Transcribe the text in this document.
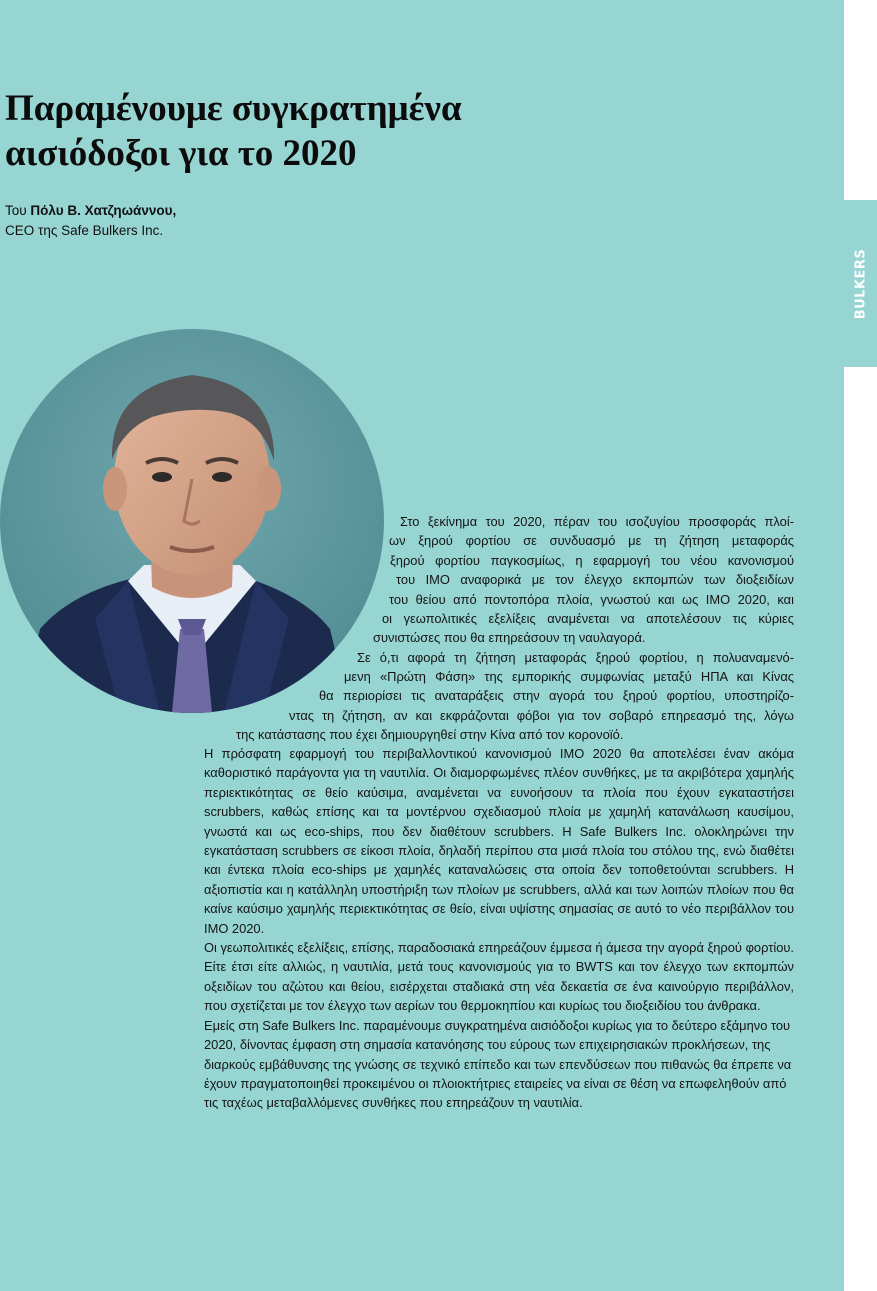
BULKERS
Παραμένουμε συγκρατημένα
αισιόδοξοι για το 2020
Του Πόλυ Β. Χατζηωάννου,
CEO της Safe Bulkers Inc.
Στο ξεκίνημα του 2020, πέραν του ισοζυγίου προσφοράς πλοί-
ων ξηρού φορτίου σε συνδυασμό με τη ζήτηση μεταφοράς
ξηρού φορτίου παγκοσμίως, η εφαρμογή του νέου κανονισμού
του ΙΜΟ αναφορικά με τον έλεγχο εκπομπών των διοξειδίων
του θείου από ποντοπόρα πλοία, γνωστού και ως ΙΜΟ 2020, και
οι γεωπολιτικές εξελίξεις αναμένεται να αποτελέσουν τις κύριες
συνιστώσες που θα επηρεάσουν τη ναυλαγορά.
Σε ό,τι αφορά τη ζήτηση μεταφοράς ξηρού φορτίου, η πολυαναμενό-
μενη «Πρώτη Φάση» της εμπορικής συμφωνίας μεταξύ ΗΠΑ και Κίνας
θα περιορίσει τις αναταράξεις στην αγορά του ξηρού φορτίου, υποστηρίζο-
ντας τη ζήτηση, αν και εκφράζονται φόβοι για τον σοβαρό επηρεασμό της, λόγω
της κατάστασης που έχει δημιουργηθεί στην Κίνα από τον κορονοϊό.

Η πρόσφατη εφαρμογή του περιβαλλοντικού κανονισμού IMO 2020 θα αποτελέσει έναν ακόμα καθοριστικό παράγοντα για τη ναυτιλία. Οι διαμορφωμένες πλέον συνθήκες, με τα ακριβότερα χαμηλής περιεκτικότητας σε θείο καύσιμα, αναμένεται να ευνοήσουν τα πλοία που έχουν εγκαταστήσει scrubbers, καθώς επίσης και τα μοντέρνου σχεδιασμού πλοία με χαμηλή κατανάλωση καυσίμου, γνωστά και ως eco-ships, που δεν διαθέτουν scrubbers. Η Safe Bulkers Inc. ολοκληρώνει την εγκατάσταση scrubbers σε είκοσι πλοία, δηλαδή περίπου στα μισά πλοία του στόλου της, ενώ διαθέτει και έντεκα πλοία eco-ships με χαμηλές καταναλώσεις στα οποία δεν τοποθετούνται scrubbers. Η αξιοπιστία και η κατάλληλη υποστήριξη των πλοίων με scrubbers, αλλά και των λοιπών πλοίων που θα καίνε καύσιμο χαμηλής περιεκτικότητας σε θείο, είναι υψίστης σημασίας σε αυτό το νέο περιβάλλον του IMO 2020.

Οι γεωπολιτικές εξελίξεις, επίσης, παραδοσιακά επηρεάζουν έμμεσα ή άμεσα την αγορά ξηρού φορτίου.

Είτε έτσι είτε αλλιώς, η ναυτιλία, μετά τους κανονισμούς για το BWTS και τον έλεγχο των εκπομπών οξειδίων του αζώτου και θείου, εισέρχεται σταδιακά στη νέα δεκαετία σε ένα καινούργιο περιβάλλον, που σχετίζεται με τον έλεγχο των αερίων του θερμοκηπίου και κυρίως του διοξειδίου του άνθρακα.

Εμείς στη Safe Bulkers Inc. παραμένουμε συγκρατημένα αισιόδοξοι κυρίως για το δεύτερο εξάμηνο του 2020, δίνοντας έμφαση στη σημασία κατανόησης του εύρους των επιχειρησιακών προκλήσεων, της διαρκούς εμβάθυνσης της γνώσης σε τεχνικό επίπεδο και των επενδύσεων που πιθανώς θα έπρεπε να έχουν πραγματοποιηθεί προκειμένου οι πλοιοκτήτριες εταιρείες να είναι σε θέση να επωφεληθούν από τις ταχέως μεταβαλλόμενες συνθήκες που επηρεάζουν τη ναυτιλία.
